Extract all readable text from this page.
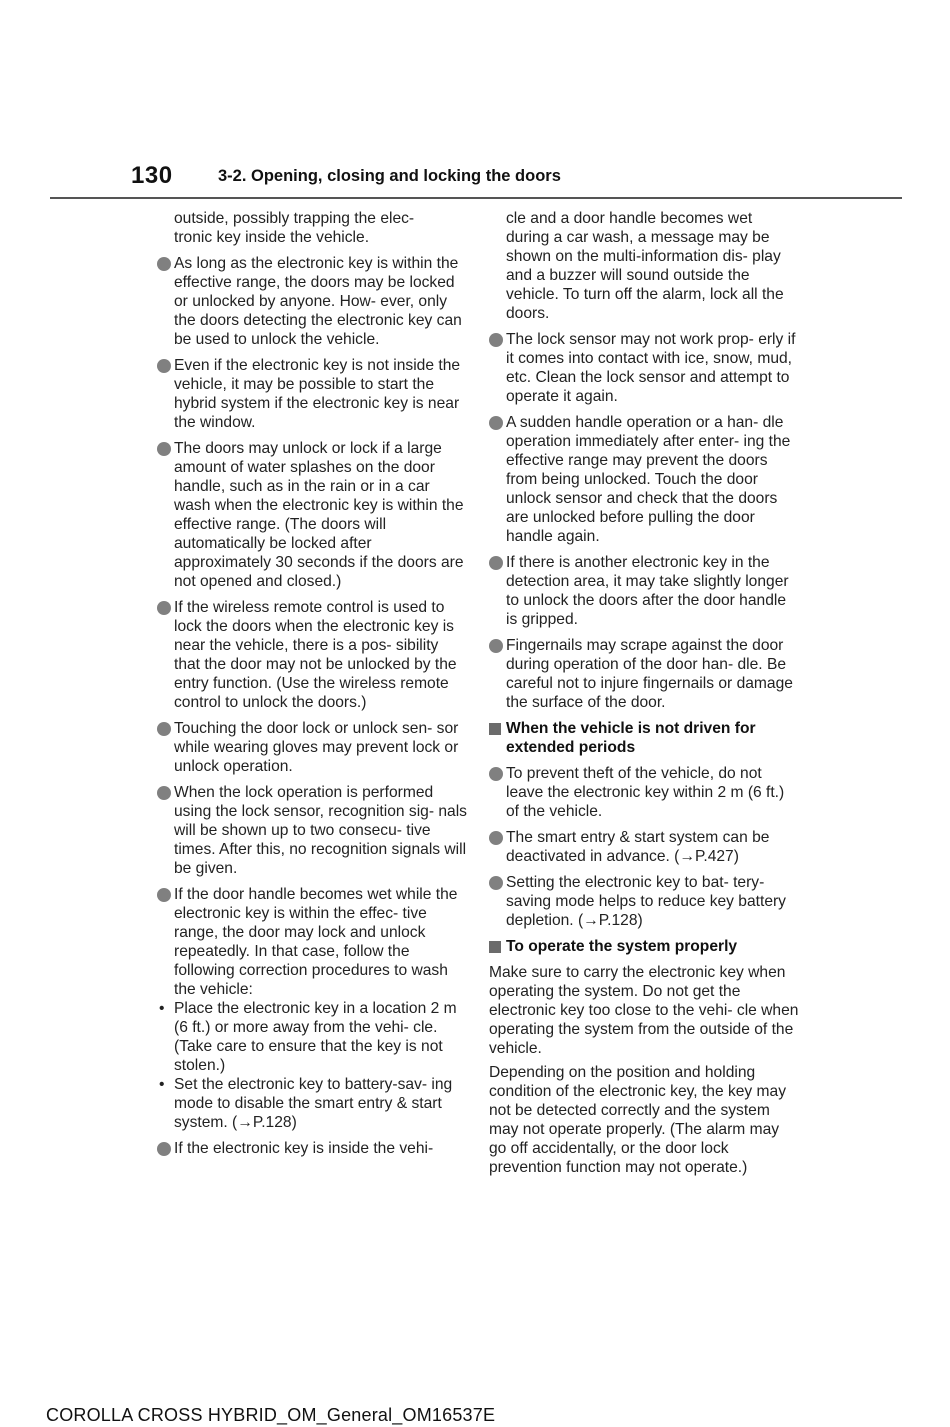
130	3-2. Opening, closing and locking the doors
outside, possibly trapping the elec-
tronic key inside the vehicle.
As long as the electronic key is within the effective range, the doors may be locked or unlocked by anyone. How- ever, only the doors detecting the electronic key can be used to unlock the vehicle.
Even if the electronic key is not inside the vehicle, it may be possible to start the hybrid system if the electronic key is near the window.
The doors may unlock or lock if a large amount of water splashes on the door handle, such as in the rain or in a car wash when the electronic key is within the effective range. (The doors will automatically be locked after approximately 30 seconds if the doors are not opened and closed.)
If the wireless remote control is used to lock the doors when the electronic key is near the vehicle, there is a pos- sibility that the door may not be unlocked by the entry function. (Use the wireless remote control to unlock the doors.)
Touching the door lock or unlock sen- sor while wearing gloves may prevent lock or unlock operation.
When the lock operation is performed using the lock sensor, recognition sig- nals will be shown up to two consecu- tive times. After this, no recognition signals will be given.
If the door handle becomes wet while the electronic key is within the effec- tive range, the door may lock and unlock repeatedly. In that case, follow the following correction procedures to wash the vehicle:
• Place the electronic key in a location 2 m (6 ft.) or more away from the vehi- cle. (Take care to ensure that the key is not stolen.)
• Set the electronic key to battery-sav- ing mode to disable the smart entry & start system. (→P.128)
If the electronic key is inside the vehi-
cle and a door handle becomes wet during a car wash, a message may be shown on the multi-information dis- play and a buzzer will sound outside the vehicle. To turn off the alarm, lock all the doors.
The lock sensor may not work prop- erly if it comes into contact with ice, snow, mud, etc. Clean the lock sensor and attempt to operate it again.
A sudden handle operation or a han- dle operation immediately after enter- ing the effective range may prevent the doors from being unlocked. Touch the door unlock sensor and check that the doors are unlocked before pulling the door handle again.
If there is another electronic key in the detection area, it may take slightly longer to unlock the doors after the door handle is gripped.
Fingernails may scrape against the door during operation of the door han- dle. Be careful not to injure fingernails or damage the surface of the door.
When the vehicle is not driven for extended periods
To prevent theft of the vehicle, do not leave the electronic key within 2 m (6 ft.) of the vehicle.
The smart entry & start system can be deactivated in advance. (→P.427)
Setting the electronic key to bat- tery-saving mode helps to reduce key battery depletion. (→P.128)
To operate the system properly
Make sure to carry the electronic key when operating the system. Do not get the electronic key too close to the vehi- cle when operating the system from the outside of the vehicle.
Depending on the position and holding condition of the electronic key, the key may not be detected correctly and the system may not operate properly. (The alarm may go off accidentally, or the door lock prevention function may not operate.)
COROLLA CROSS HYBRID_OM_General_OM16537E
